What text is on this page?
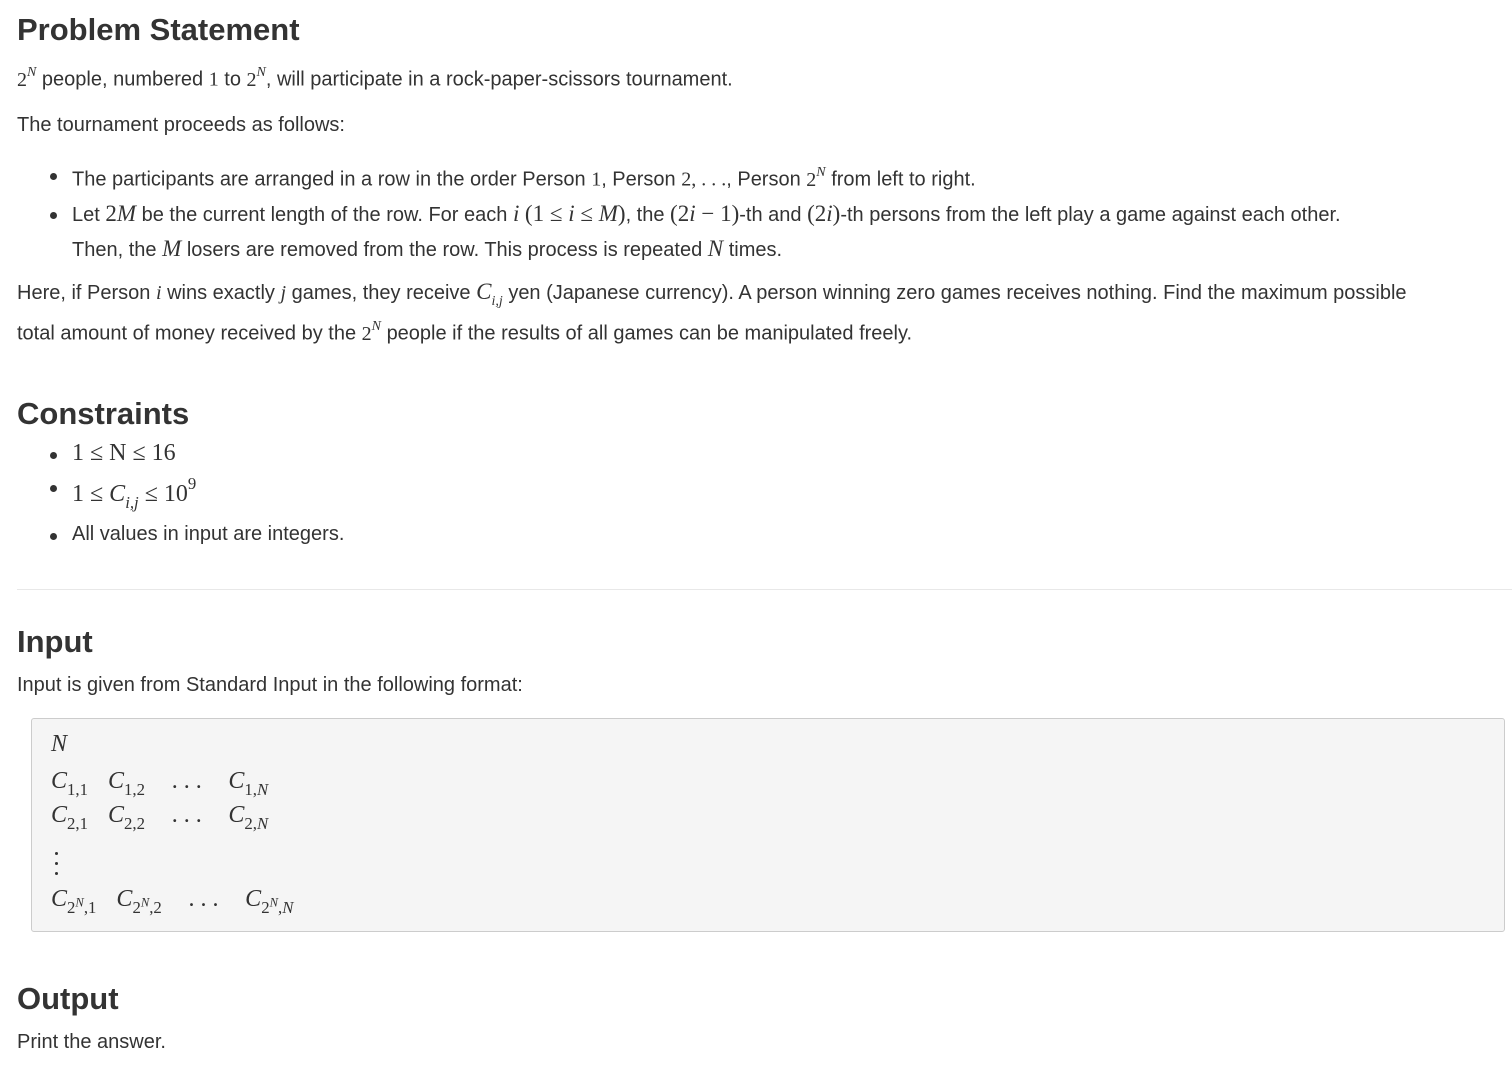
Problem Statement

$2^N$ people, numbered 1 to $2^N$, will participate in a rock-paper-scissors tournament.

The tournament proceeds as follows:

The participants are arranged in a row in the order Person 1, Person 2, . . ., Person $2^N$ from left to right.
Let 2M be the current length of the row. For each i (1 ≤ i ≤ M), the (2i − 1)-th and (2i)-th persons from the left play a game against each other.
Then, the M losers are removed from the row. This process is repeated N times.

Here, if Person i wins exactly j games, they receive $C_{i,j}$ yen (Japanese currency). A person winning zero games receives nothing. Find the maximum possible

total amount of money received by the $2^N$ people if the results of all games can be manipulated freely.

Constraints
1 ≤ N ≤ 16
$1 \le C_{i,j} \le 10^9$
All values in input are integers.
Input

Input is given from Standard Input in the following format:

N
$C_{1,1}$ $C_{1,2}$ . . . $C_{1,N}$
$C_{2,1}$ $C_{2,2}$ . . . $C_{2,N}$
$C_{2^N,1}$ $C_{2^N,2}$ . . . $C_{2^N,N}$
Output

Print the answer.
